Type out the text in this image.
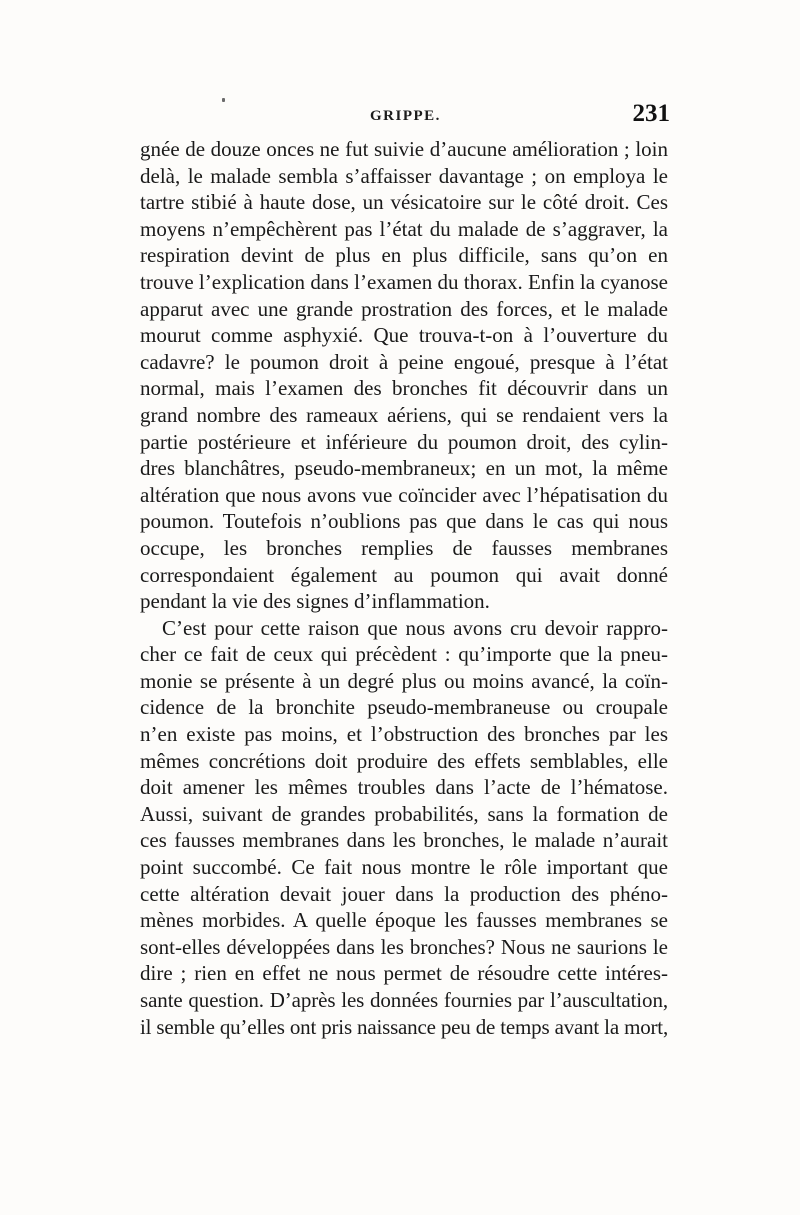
GRIPPE.	231
gnée de douze onces ne fut suivie d’aucune amélioration ; loin
delà, le malade sembla s’affaisser davantage ; on employa le
tartre stibié à haute dose, un vésicatoire sur le côté droit. Ces
moyens n’empêchèrent pas l’état du malade de s’aggraver, la
respiration devint de plus en plus difficile, sans qu’on en
trouve l’explication dans l’examen du thorax. Enfin la cyanose
apparut avec une grande prostration des forces, et le malade
mourut comme asphyxié. Que trouva-t-on à l’ouverture du
cadavre? le poumon droit à peine engoué, presque à l’état
normal, mais l’examen des bronches fit découvrir dans un
grand nombre des rameaux aériens, qui se rendaient vers la
partie postérieure et inférieure du poumon droit, des cylin-
dres blanchâtres, pseudo-membraneux; en un mot, la même
altération que nous avons vue coïncider avec l’hépatisation du
poumon. Toutefois n’oublions pas que dans le cas qui nous
occupe, les bronches remplies de fausses membranes
correspondaient également au poumon qui avait donné
pendant la vie des signes d’inflammation.
C’est pour cette raison que nous avons cru devoir rappro-
cher ce fait de ceux qui précèdent : qu’importe que la pneu-
monie se présente à un degré plus ou moins avancé, la coïn-
cidence de la bronchite pseudo-membraneuse ou croupale
n’en existe pas moins, et l’obstruction des bronches par les
mêmes concrétions doit produire des effets semblables, elle
doit amener les mêmes troubles dans l’acte de l’hématose.
Aussi, suivant de grandes probabilités, sans la formation de
ces fausses membranes dans les bronches, le malade n’aurait
point succombé. Ce fait nous montre le rôle important que
cette altération devait jouer dans la production des phéno-
mènes morbides. A quelle époque les fausses membranes se
sont-elles développées dans les bronches? Nous ne saurions le
dire ; rien en effet ne nous permet de résoudre cette intéres-
sante question. D’après les données fournies par l’auscultation,
il semble qu’elles ont pris naissance peu de temps avant la mort,
